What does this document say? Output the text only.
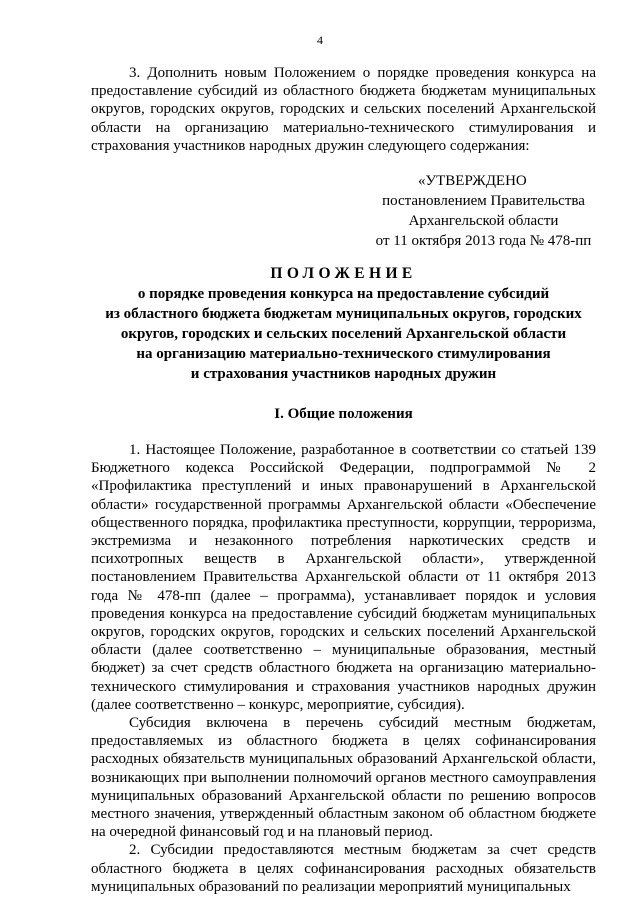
4

3. Дополнить новым Положением о порядке проведения конкурса на предоставление субсидий из областного бюджета бюджетам муниципальных округов, городских округов, городских и сельских поселений Архангельской области на организацию материально-технического стимулирования и страхования участников народных дружин следующего содержания:

«УТВЕРЖДЕНО
постановлением Правительства
Архангельской области
от 11 октября 2013 года № 478-пп
ПОЛОЖЕНИЕ
о порядке проведения конкурса на предоставление субсидий
из областного бюджета бюджетам муниципальных округов, городских
округов, городских и сельских поселений Архангельской области
на организацию материально-технического стимулирования
и страхования участников народных дружин
I. Общие положения

1. Настоящее Положение, разработанное в соответствии со статьей 139 Бюджетного кодекса Российской Федерации, подпрограммой № 2 «Профилактика преступлений и иных правонарушений в Архангельской области» государственной программы Архангельской области «Обеспечение общественного порядка, профилактика преступности, коррупции, терроризма, экстремизма и незаконного потребления наркотических средств и психотропных веществ в Архангельской области», утвержденной постановлением Правительства Архангельской области от 11 октября 2013 года № 478-пп (далее – программа), устанавливает порядок и условия проведения конкурса на предоставление субсидий бюджетам муниципальных округов, городских округов, городских и сельских поселений Архангельской области (далее соответственно – муниципальные образования, местный бюджет) за счет средств областного бюджета на организацию материально-технического стимулирования и страхования участников народных дружин (далее соответственно – конкурс, мероприятие, субсидия).

Субсидия включена в перечень субсидий местным бюджетам, предоставляемых из областного бюджета в целях софинансирования расходных обязательств муниципальных образований Архангельской области, возникающих при выполнении полномочий органов местного самоуправления муниципальных образований Архангельской области по решению вопросов местного значения, утвержденный областным законом об областном бюджете на очередной финансовый год и на плановый период.

2. Субсидии предоставляются местным бюджетам за счет средств областного бюджета в целях софинансирования расходных обязательств муниципальных образований по реализации мероприятий муниципальных
